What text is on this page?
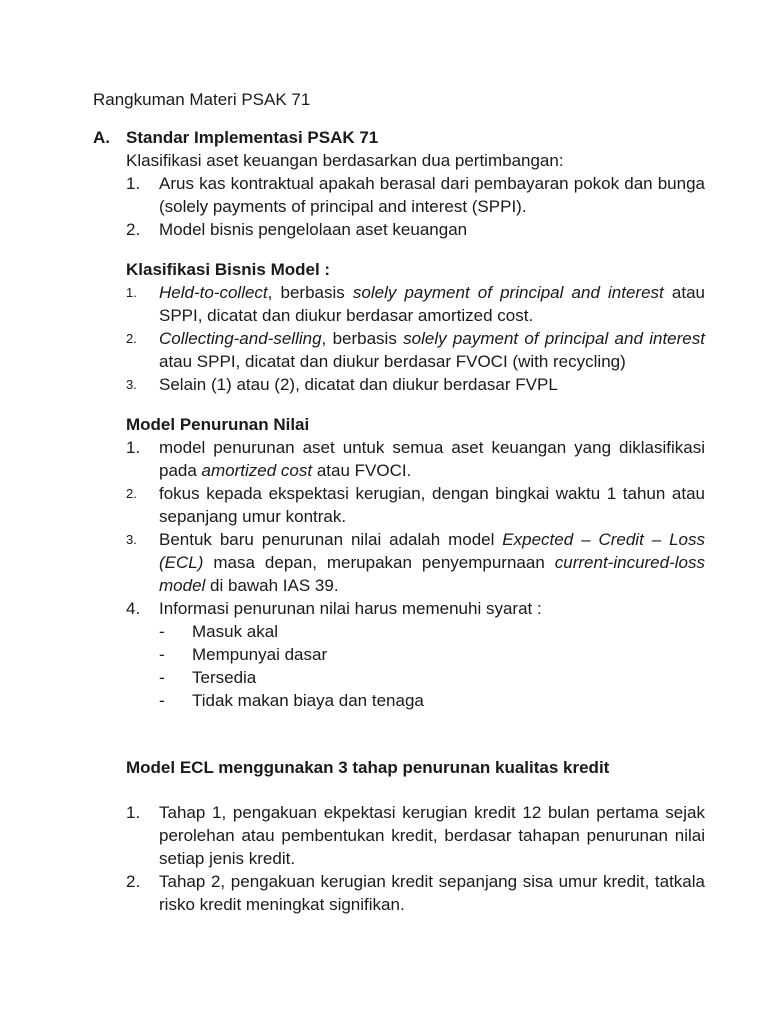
Rangkuman Materi PSAK 71
A. Standar Implementasi PSAK 71

Klasifikasi aset keuangan berdasarkan dua pertimbangan:

1.	Arus kas kontraktual apakah berasal dari pembayaran pokok dan bunga (solely payments of principal and interest (SPPI).
2.	Model bisnis pengelolaan aset keuangan

Klasifikasi Bisnis Model :

1.	Held-to-collect, berbasis solely payment of principal and interest atau SPPI, dicatat dan diukur berdasar amortized cost.
2.	Collecting-and-selling, berbasis solely payment of principal and interest atau SPPI, dicatat dan diukur berdasar FVOCI (with recycling)
3.	Selain (1) atau (2), dicatat dan diukur berdasar FVPL

Model Penurunan Nilai

1.	model penurunan aset untuk semua aset keuangan yang diklasifikasi pada amortized cost atau FVOCI.
2.	fokus kepada ekspektasi kerugian, dengan bingkai waktu 1 tahun atau sepanjang umur kontrak.
3.	Bentuk baru penurunan nilai adalah model Expected – Credit – Loss (ECL) masa depan, merupakan penyempurnaan current-incured-loss model di bawah IAS 39.
4.	Informasi penurunan nilai harus memenuhi syarat :
-	Masuk akal
-	Mempunyai dasar
-	Tersedia
-	Tidak makan biaya dan tenaga

Model ECL menggunakan 3 tahap penurunan kualitas kredit

1.	Tahap 1, pengakuan ekpektasi kerugian kredit 12 bulan pertama sejak perolehan atau pembentukan kredit, berdasar tahapan penurunan nilai setiap jenis kredit.
2.	Tahap 2, pengakuan kerugian kredit sepanjang sisa umur kredit, tatkala risko kredit meningkat signifikan.
